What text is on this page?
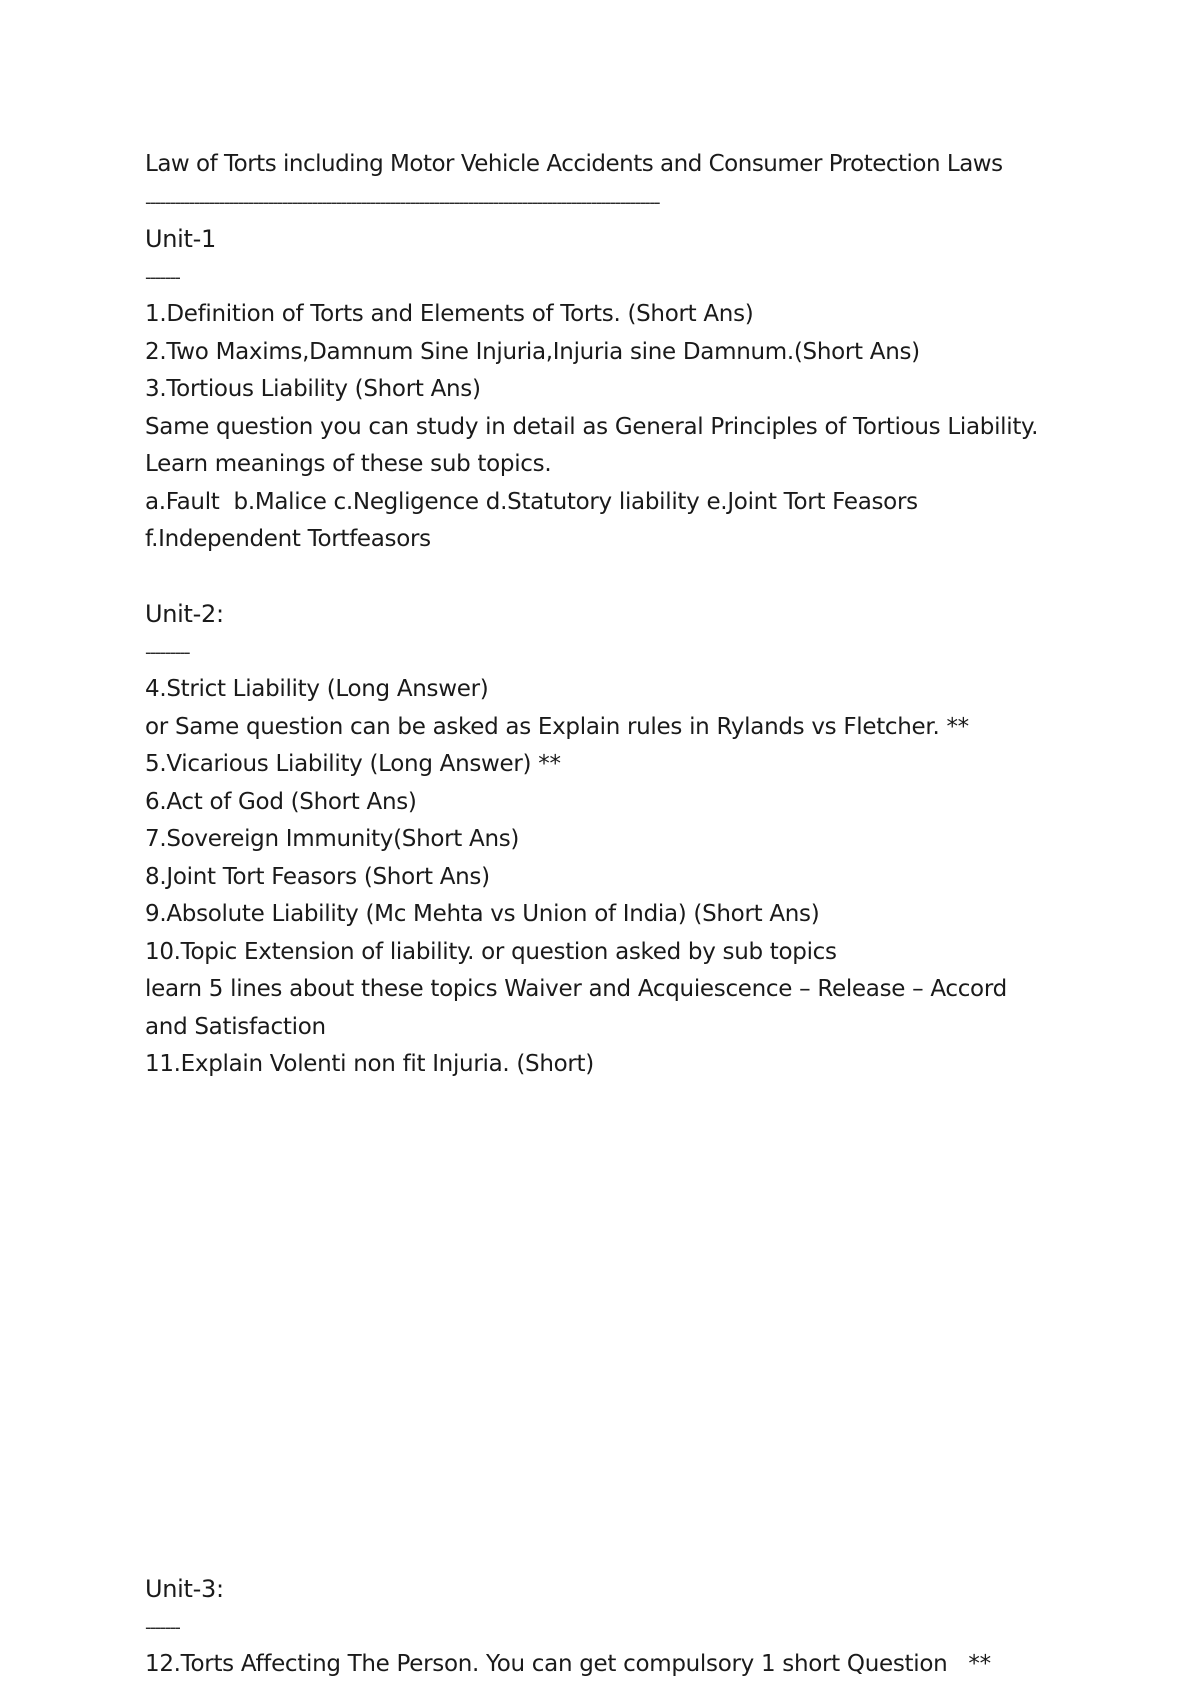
Law of Torts including Motor Vehicle Accidents and Consumer Protection Laws
---------------------------------------------------------------------------------------------------------
Unit-1
-------
1.Definition of Torts and Elements of Torts. (Short Ans)
2.Two Maxims,Damnum Sine Injuria,Injuria sine Damnum.(Short Ans)
3.Tortious Liability (Short Ans)
Same question you can study in detail as General Principles of Tortious Liability.
Learn meanings of these sub topics.
a.Fault  b.Malice c.Negligence d.Statutory liability e.Joint Tort Feasors
f.Independent Tortfeasors
Unit-2:
---------
4.Strict Liability (Long Answer)
or Same question can be asked as Explain rules in Rylands vs Fletcher. **
5.Vicarious Liability (Long Answer) **
6.Act of God (Short Ans)
7.Sovereign Immunity(Short Ans)
8.Joint Tort Feasors (Short Ans)
9.Absolute Liability (Mc Mehta vs Union of India) (Short Ans)
10.Topic Extension of liability. or question asked by sub topics
learn 5 lines about these topics Waiver and Acquiescence – Release – Accord
and Satisfaction
11.Explain Volenti non fit Injuria. (Short)
Unit-3:
-------
12.Torts Affecting The Person. You can get compulsory 1 short Question   **
